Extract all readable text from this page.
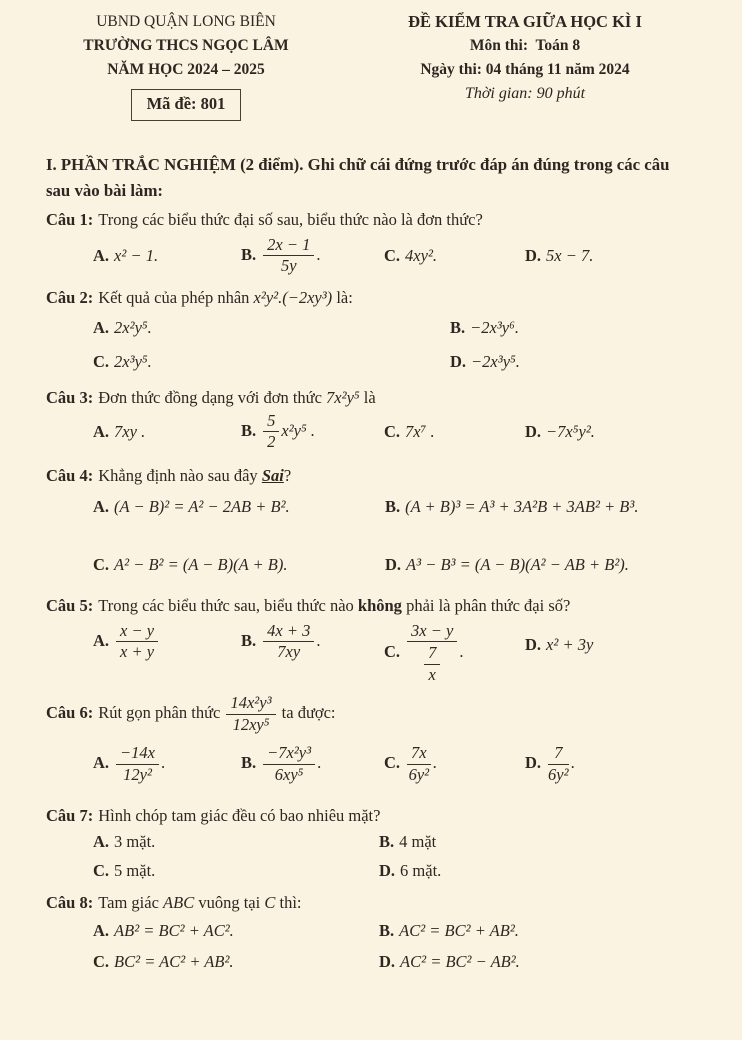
UBND QUẬN LONG BIÊN
TRƯỜNG THCS NGỌC LÂM
NĂM HỌC 2024 – 2025
Mã đề: 801
ĐỀ KIỂM TRA GIỮA HỌC KÌ I
Môn thi:  Toán 8
Ngày thi: 04 tháng 11 năm 2024
Thời gian: 90 phút
I. PHẦN TRẮC NGHIỆM (2 điểm). Ghi chữ cái đứng trước đáp án đúng trong các câu
sau vào bài làm:
Câu 1: Trong các biểu thức đại số sau, biểu thức nào là đơn thức?
A. x² − 1.	B. $\frac{2x - 1}{5y}$ .	C. 4xy².	D. 5x − 7.
Câu 2: Kết quả của phép nhân x²y².(−2xy³) là:
A. 2x²y⁵.	B. −2x³y⁶.
C. 2x³y⁵.	D. −2x³y⁵.
Câu 3: Đơn thức đồng dạng với đơn thức 7x²y⁵ là
A. 7xy .	B. $\frac{5}{2} x^2y^5$ .	C. 7x⁷ .	D. −7x⁵y².
Câu 4: Khẳng định nào sau đây Sai?
A. (A − B)² = A² − 2AB + B².	B. (A + B)³ = A³ + 3A²B + 3AB² + B³.
C. A² − B² = (A − B)(A + B).	D. A³ − B³ = (A − B)(A² − AB + B²).
Câu 5: Trong các biểu thức sau, biểu thức nào không phải là phân thức đại số?
A. $\frac{x - y}{x + y}$	B. $\frac{4x + 3}{7xy}$ .
C. $\frac{3x - y}{\frac{7}{x}}$ .	D. x² + 3y
Câu 6: Rút gọn phân thức $\frac{\text{14x²y³}}{\text{12xy⁵}}$ ta được:
A. $\frac{-14x}{\text{12y²}}$ .	B. $\frac{\text{−7x²y³}}{\text{6xy⁵}}$ .	C. $\frac{7x}{\text{6y²}}$ .	D. $\frac{7}{\text{6y²}}$ .
Câu 7: Hình chóp tam giác đều có bao nhiêu mặt?
A. 3 mặt.	B. 4 mặt
C. 5 mặt.	D. 6 mặt.
Câu 8: Tam giác ABC vuông tại C thì:
A. AB² = BC² + AC².	B. AC² = BC² + AB².
C. BC² = AC² + AB².	D. AC² = BC² − AB².
